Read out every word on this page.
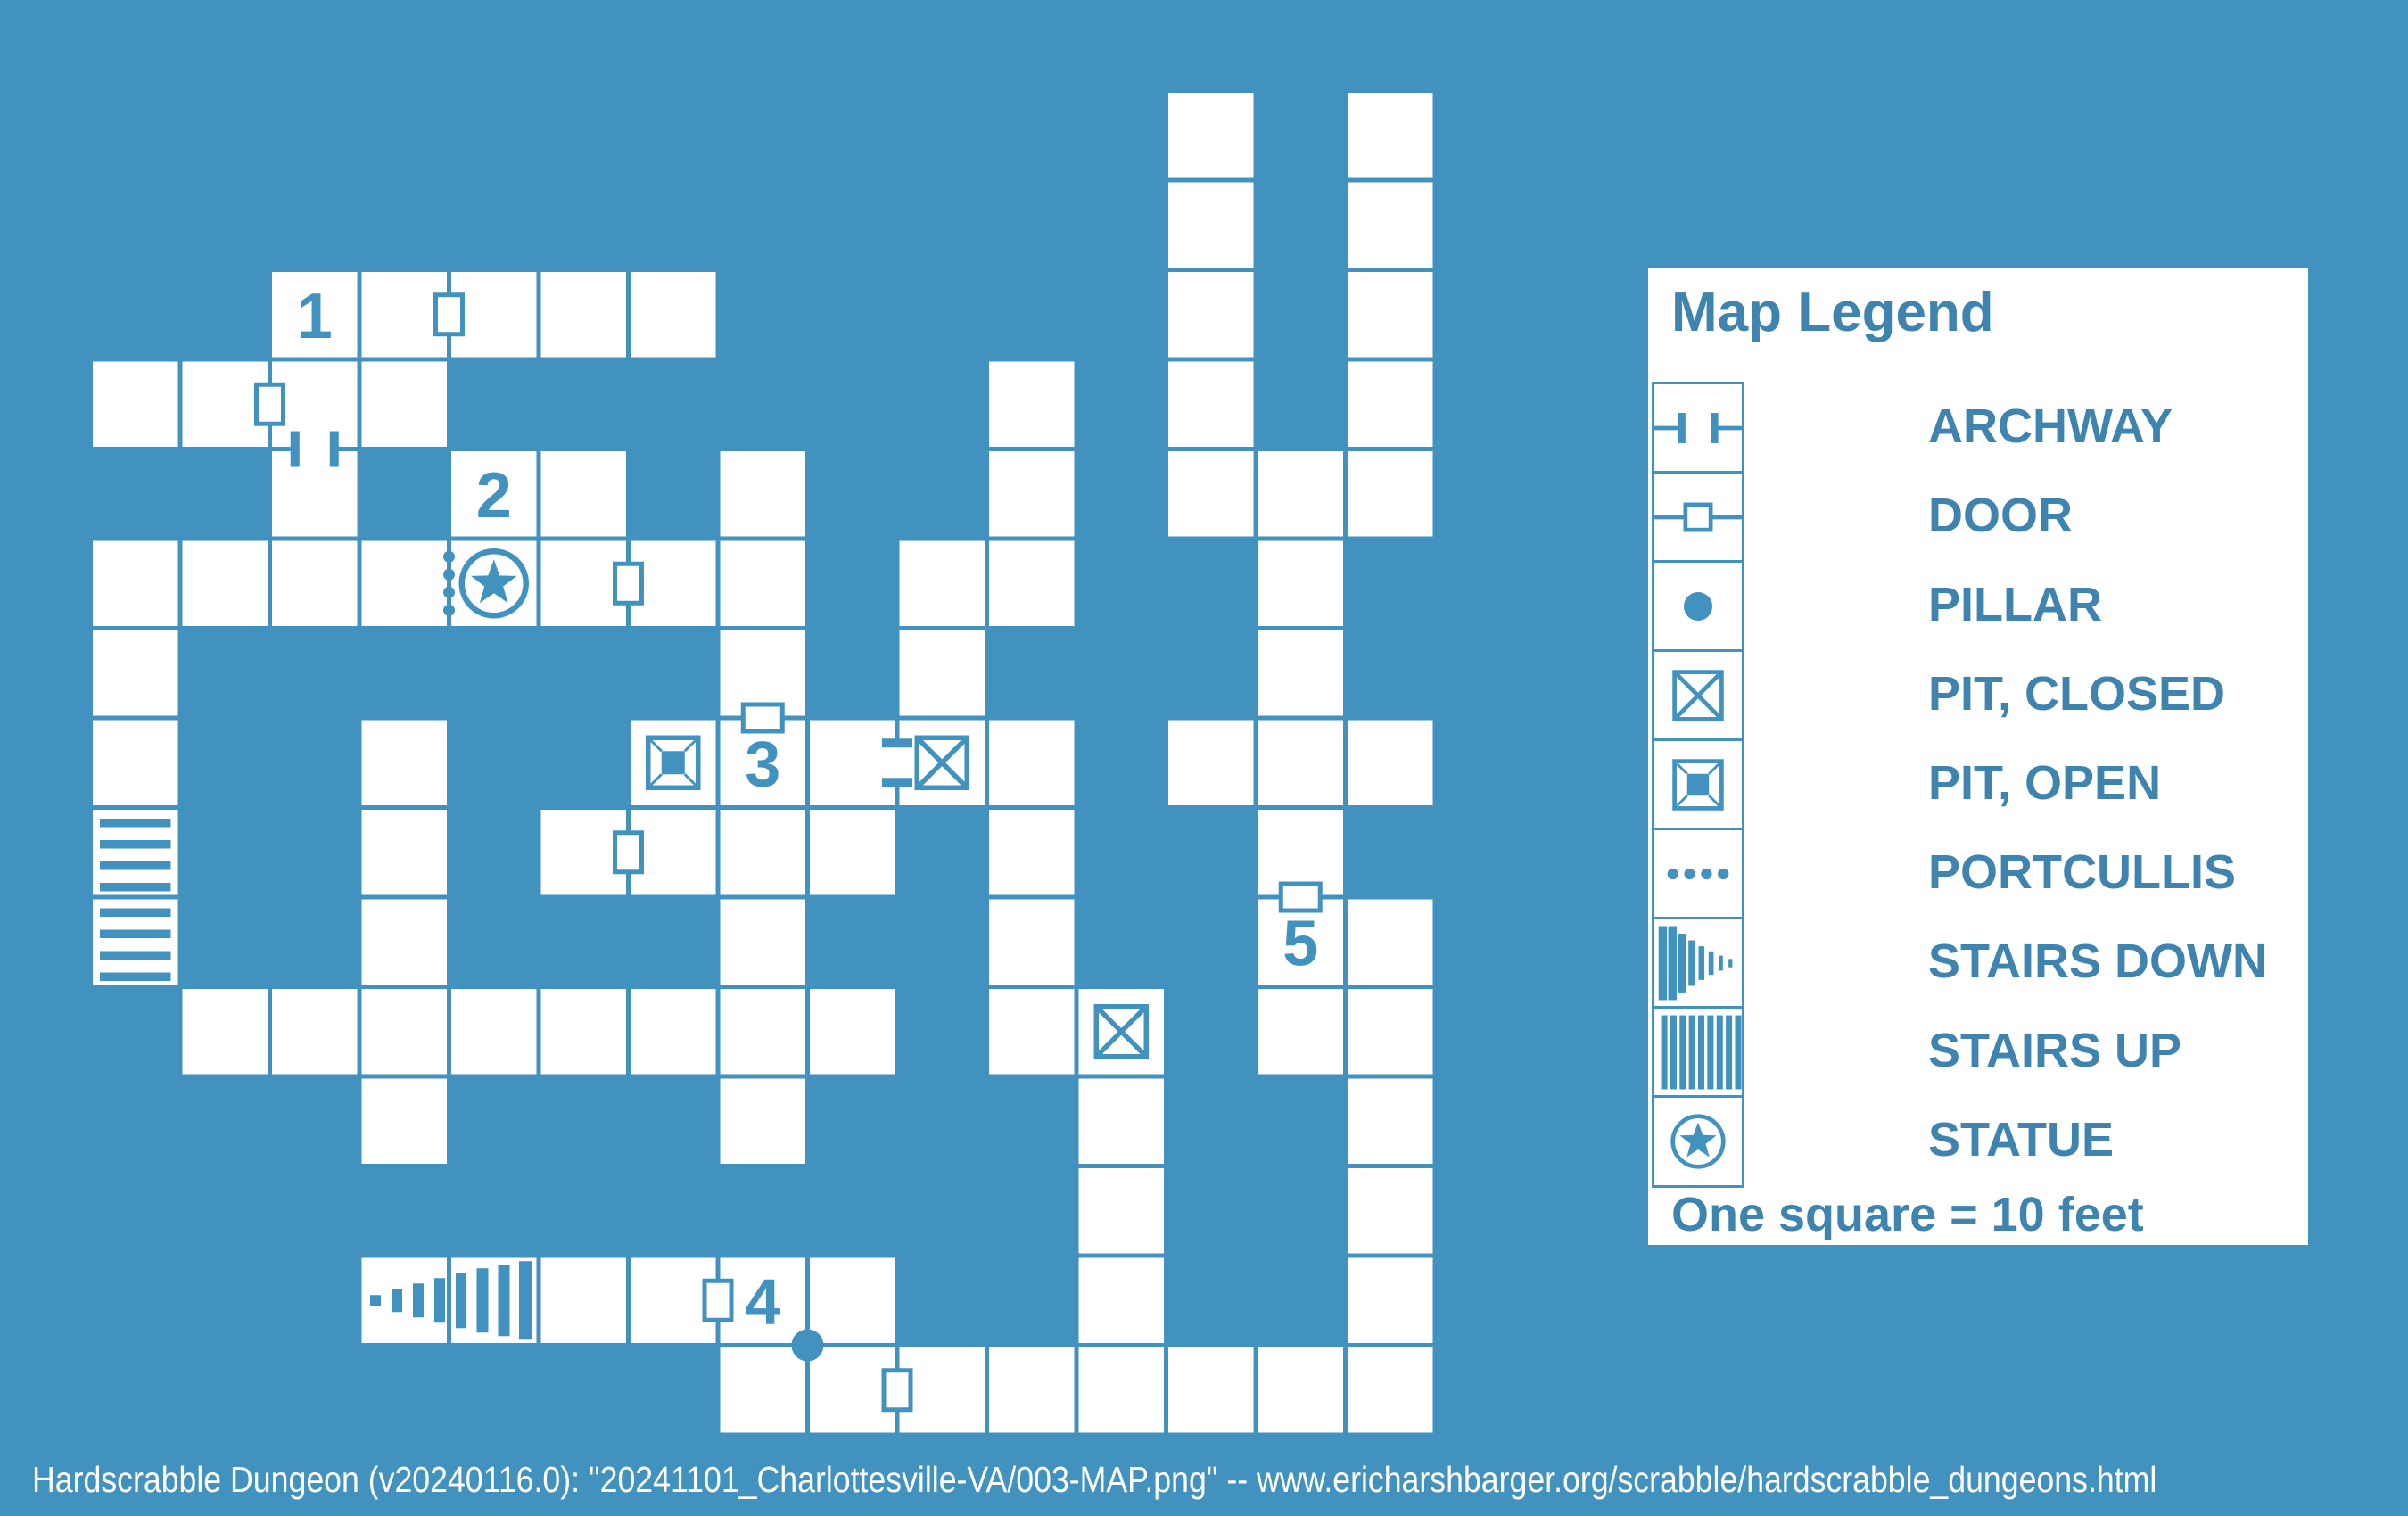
1
2
3
4
5
Map Legend
ARCHWAY
DOOR
PILLAR
PIT, CLOSED
PIT, OPEN
PORTCULLIS
STAIRS DOWN
STAIRS UP
STATUE
One square = 10 feet
Hardscrabble Dungeon (v20240116.0): "20241101_Charlottesville-VA/003-MAP.png" -- www.ericharshbarger.org/scrabble/hardscrabble_dungeons.html
